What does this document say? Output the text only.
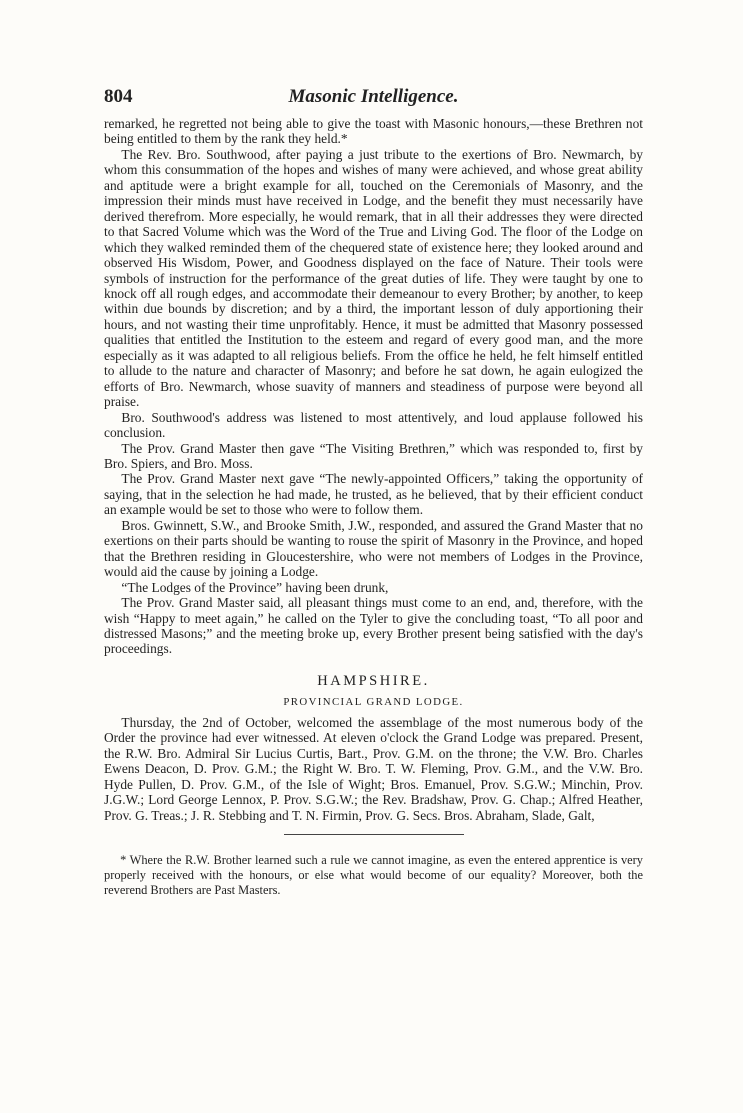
804	Masonic Intelligence.

remarked, he regretted not being able to give the toast with Masonic honours,—these Brethren not being entitled to them by the rank they held.*

The Rev. Bro. Southwood, after paying a just tribute to the exertions of Bro. Newmarch, by whom this consummation of the hopes and wishes of many were achieved, and whose great ability and aptitude were a bright example for all, touched on the Ceremonials of Masonry, and the impression their minds must have received in Lodge, and the benefit they must necessarily have derived therefrom. More especially, he would remark, that in all their addresses they were directed to that Sacred Volume which was the Word of the True and Living God. The floor of the Lodge on which they walked reminded them of the chequered state of existence here; they looked around and observed His Wisdom, Power, and Goodness displayed on the face of Nature. Their tools were symbols of instruction for the performance of the great duties of life. They were taught by one to knock off all rough edges, and accommodate their demeanour to every Brother; by another, to keep within due bounds by discretion; and by a third, the important lesson of duly apportioning their hours, and not wasting their time unprofitably. Hence, it must be admitted that Masonry possessed qualities that entitled the Institution to the esteem and regard of every good man, and the more especially as it was adapted to all religious beliefs. From the office he held, he felt himself entitled to allude to the nature and character of Masonry; and before he sat down, he again eulogized the efforts of Bro. Newmarch, whose suavity of manners and steadiness of purpose were beyond all praise.

Bro. Southwood's address was listened to most attentively, and loud applause followed his conclusion.

The Prov. Grand Master then gave “The Visiting Brethren,” which was responded to, first by Bro. Spiers, and Bro. Moss.

The Prov. Grand Master next gave “The newly-appointed Officers,” taking the opportunity of saying, that in the selection he had made, he trusted, as he believed, that by their efficient conduct an example would be set to those who were to follow them.

Bros. Gwinnett, S.W., and Brooke Smith, J.W., responded, and assured the Grand Master that no exertions on their parts should be wanting to rouse the spirit of Masonry in the Province, and hoped that the Brethren residing in Gloucestershire, who were not members of Lodges in the Province, would aid the cause by joining a Lodge.

“The Lodges of the Province” having been drunk,

The Prov. Grand Master said, all pleasant things must come to an end, and, therefore, with the wish “Happy to meet again,” he called on the Tyler to give the concluding toast, “To all poor and distressed Masons;” and the meeting broke up, every Brother present being satisfied with the day's proceedings.

HAMPSHIRE.
PROVINCIAL GRAND LODGE.

Thursday, the 2nd of October, welcomed the assemblage of the most numerous body of the Order the province had ever witnessed. At eleven o'clock the Grand Lodge was prepared. Present, the R.W. Bro. Admiral Sir Lucius Curtis, Bart., Prov. G.M. on the throne; the V.W. Bro. Charles Ewens Deacon, D. Prov. G.M.; the Right W. Bro. T. W. Fleming, Prov. G.M., and the V.W. Bro. Hyde Pullen, D. Prov. G.M., of the Isle of Wight; Bros. Emanuel, Prov. S.G.W.; Minchin, Prov. J.G.W.; Lord George Lennox, P. Prov. S.G.W.; the Rev. Bradshaw, Prov. G. Chap.; Alfred Heather, Prov. G. Treas.; J. R. Stebbing and T. N. Firmin, Prov. G. Secs. Bros. Abraham, Slade, Galt,

* Where the R.W. Brother learned such a rule we cannot imagine, as even the entered apprentice is very properly received with the honours, or else what would become of our equality? Moreover, both the reverend Brothers are Past Masters.
